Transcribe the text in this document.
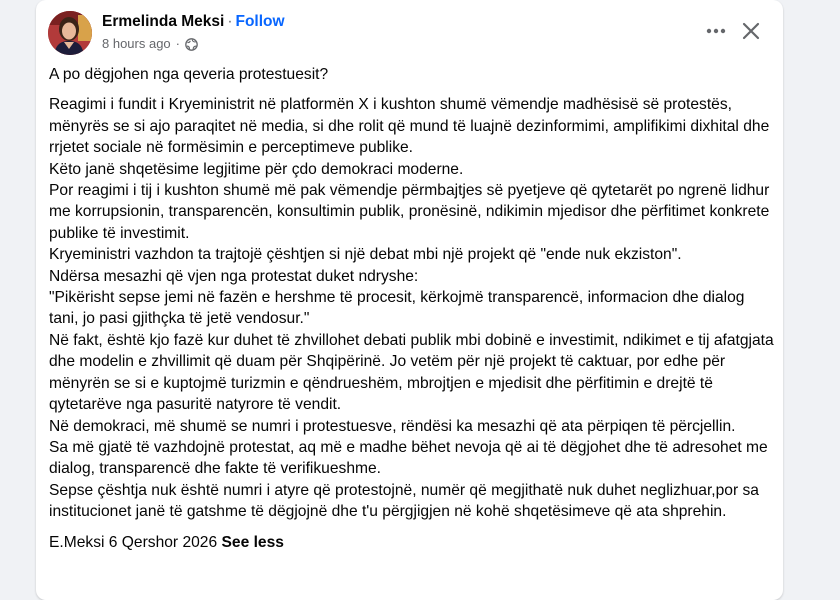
Ermelinda Meksi · Follow
8 hours ago ·

A po dëgjohen nga qeveria protestuesit?

Reagimi i fundit i Kryeministrit në platformën X i kushton shumë vëmendje madhësisë së protestës, mënyrës se si ajo paraqitet në media, si dhe rolit që mund të luajnë dezinformimi, amplifikimi dixhital dhe rrjetet sociale në formësimin e perceptimeve publike.

Këto janë shqetësime legjitime për çdo demokraci moderne.

Por reagimi i tij i kushton shumë më pak vëmendje përmbajtjes së pyetjeve që qytetarët po ngrenë lidhur me korrupsionin, transparencën, konsultimin publik, pronësinë, ndikimin mjedisor dhe përfitimet konkrete publike të investimit.

Kryeministri vazhdon ta trajtojë çështjen si një debat mbi një projekt që "ende nuk ekziston".

Ndërsa mesazhi që vjen nga protestat duket ndryshe:

"Pikërisht sepse jemi në fazën e hershme të procesit, kërkojmë transparencë, informacion dhe dialog tani, jo pasi gjithçka të jetë vendosur."

Në fakt, është kjo fazë kur duhet të zhvillohet debati publik mbi dobinë e investimit, ndikimet e tij afatgjata dhe modelin e zhvillimit që duam për Shqipërinë. Jo vetëm për një projekt të caktuar, por edhe për mënyrën se si e kuptojmë turizmin e qëndrueshëm, mbrojtjen e mjedisit dhe përfitimin e drejtë të qytetarëve nga pasuritë natyrore të vendit.

Në demokraci, më shumë se numri i protestuesve, rëndësi ka mesazhi që ata përpiqen të përcjellin.

Sa më gjatë të vazhdojnë protestat, aq më e madhe bëhet nevoja që ai të dëgjohet dhe të adresohet me dialog, transparencë dhe fakte të verifikueshme.

Sepse çështja nuk është numri i atyre që protestojnë, numër që megjithatë nuk duhet neglizhuar,por sa institucionet janë të gatshme të dëgjojnë dhe t'u përgjigjen në kohë shqetësimeve që ata shprehin.

E.Meksi 6 Qershor 2026 See less
